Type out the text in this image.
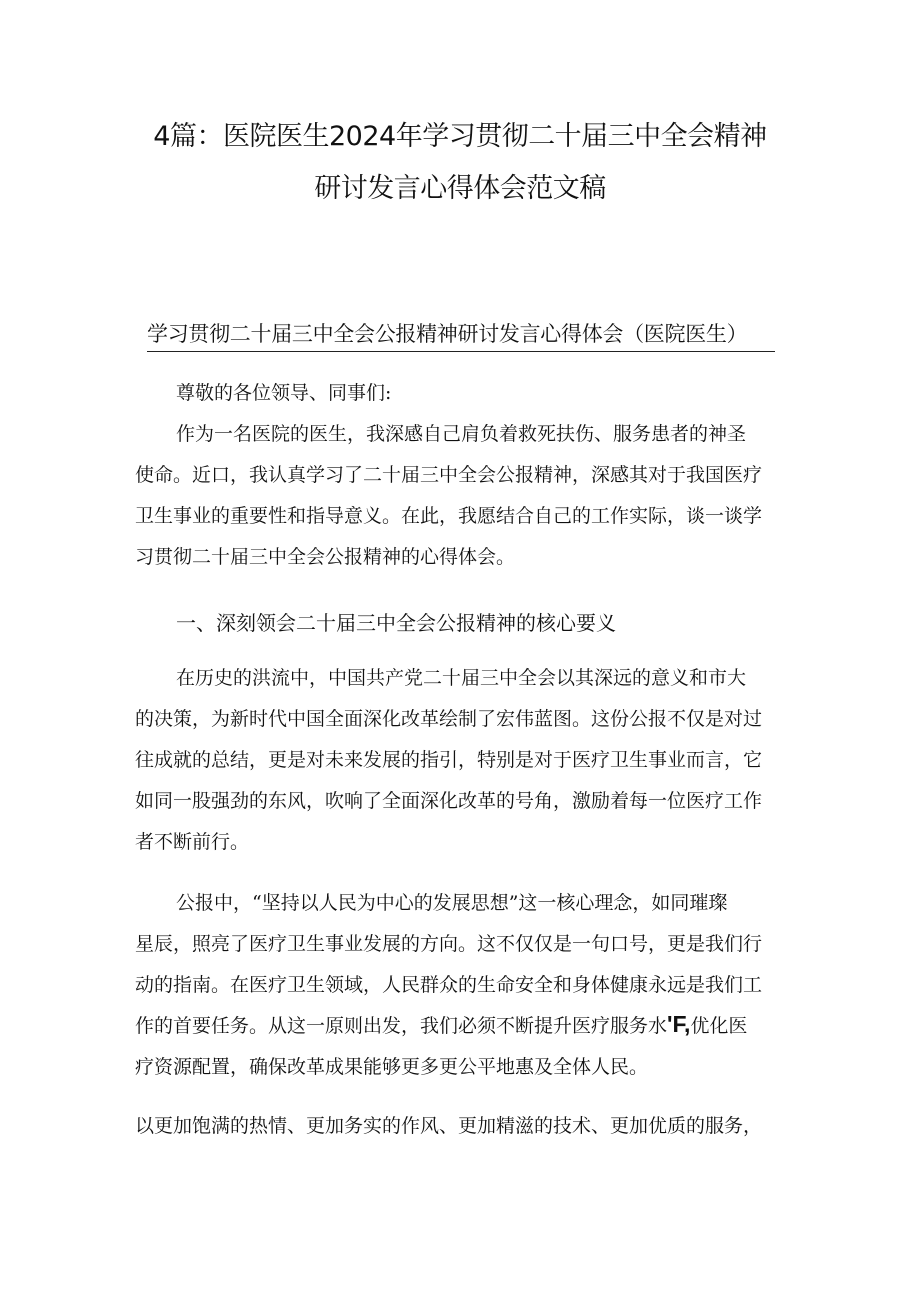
4篇：医院医生2024年学习贯彻二十届三中全会精神
研讨发言心得体会范文稿
学习贯彻二十届三中全会公报精神研讨发言心得体会（医院医生）
尊敬的各位领导、同事们:
作为一名医院的医生，我深感自己肩负着救死扶伤、服务患者的神圣
使命。近口，我认真学习了二十届三中全会公报精神，深感其对于我国医疗
卫生事业的重要性和指导意义。在此，我愿结合自己的工作实际，谈一谈学
习贯彻二十届三中全会公报精神的心得体会。
一、深刻领会二十届三中全会公报精神的核心要义
在历史的洪流中，中国共产党二十届三中全会以其深远的意义和市大
的决策，为新时代中国全面深化改革绘制了宏伟蓝图。这份公报不仅是对过
往成就的总结，更是对未来发展的指引，特别是对于医疗卫生事业而言，它
如同一股强劲的东风，吹响了全面深化改革的号角，激励着每一位医疗工作
者不断前行。
公报中，“坚持以人民为中心的发展思想”这一核心理念，如同璀璨
星辰，照亮了医疗卫生事业发展的方向。这不仅仅是一句口号，更是我们行
动的指南。在医疗卫生领域，人民群众的生命安全和身体健康永远是我们工
作的首要任务。从这一原则出发，我们必须不断提升医疗服务水'F,优化医
疗资源配置，确保改革成果能够更多更公平地惠及全体人民。
以更加饱满的热情、更加务实的作风、更加精滋的技术、更加优质的服务，
